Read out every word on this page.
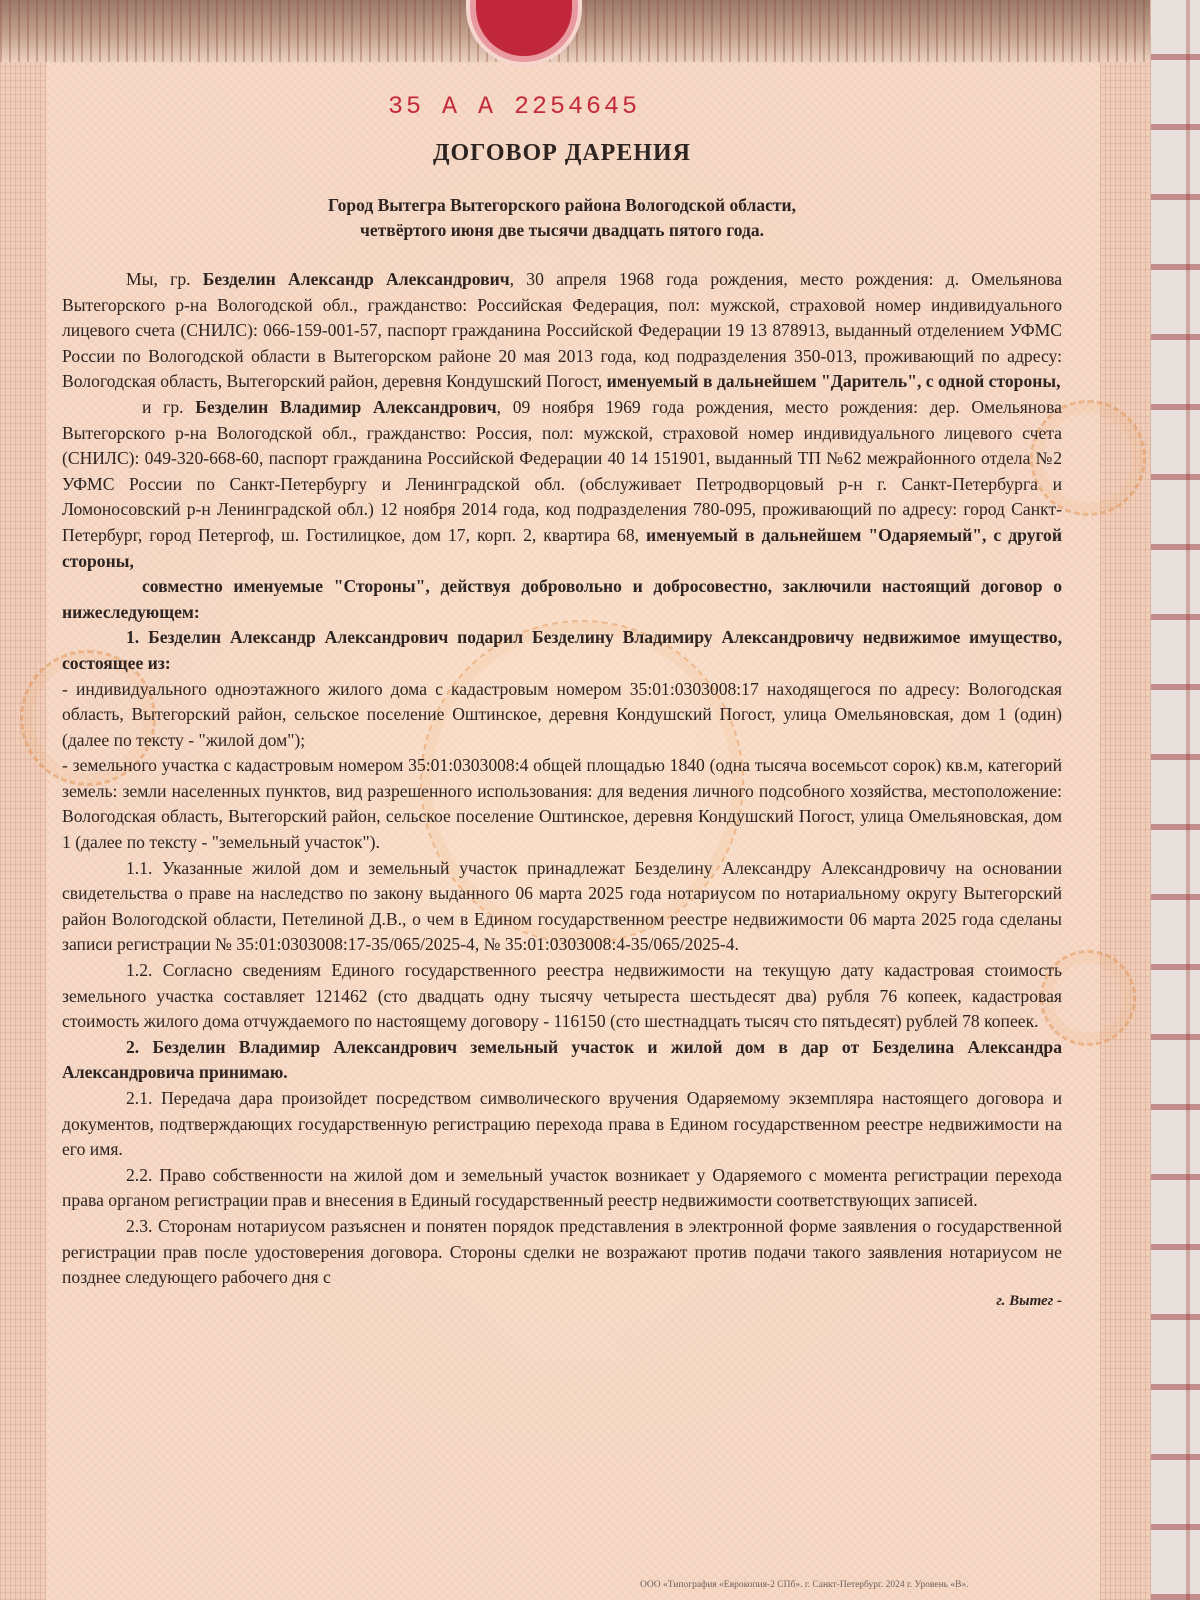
35 А А 2254645
ДОГОВОР ДАРЕНИЯ
Город Вытегра Вытегорского района Вологодской области,
четвёртого июня две тысячи двадцать пятого года.

Мы, гр. Безделин Александр Александрович, 30 апреля 1968 года рождения, место рождения: д. Омельянова Вытегорского р-на Вологодской обл., гражданство: Российская Федерация, пол: мужской, страховой номер индивидуального лицевого счета (СНИЛС): 066-159-001-57, паспорт гражданина Российской Федерации 19 13 878913, выданный отделением УФМС России по Вологодской области в Вытегорском районе 20 мая 2013 года, код подразделения 350-013, проживающий по адресу: Вологодская область, Вытегорский район, деревня Кондушский Погост, именуемый в дальнейшем "Даритель", с одной стороны,

и гр. Безделин Владимир Александрович, 09 ноября 1969 года рождения, место рождения: дер. Омельянова Вытегорского р-на Вологодской обл., гражданство: Россия, пол: мужской, страховой номер индивидуального лицевого счета (СНИЛС): 049-320-668-60, паспорт гражданина Российской Федерации 40 14 151901, выданный ТП №62 межрайонного отдела №2 УФМС России по Санкт-Петербургу и Ленинградской обл. (обслуживает Петродворцовый р-н г. Санкт-Петербурга и Ломоносовский р-н Ленинградской обл.) 12 ноября 2014 года, код подразделения 780-095, проживающий по адресу: город Санкт-Петербург, город Петергоф, ш. Гостилицкое, дом 17, корп. 2, квартира 68, именуемый в дальнейшем "Одаряемый", с другой стороны,

совместно именуемые "Стороны", действуя добровольно и добросовестно, заключили настоящий договор о нижеследующем:

1. Безделин Александр Александрович подарил Безделину Владимиру Александровичу недвижимое имущество, состоящее из:

- индивидуального одноэтажного жилого дома с кадастровым номером 35:01:0303008:17 находящегося по адресу: Вологодская область, Вытегорский район, сельское поселение Оштинское, деревня Кондушский Погост, улица Омельяновская, дом 1 (один) (далее по тексту - "жилой дом");

- земельного участка с кадастровым номером 35:01:0303008:4 общей площадью 1840 (одна тысяча восемьсот сорок) кв.м, категорий земель: земли населенных пунктов, вид разрешенного использования: для ведения личного подсобного хозяйства, местоположение: Вологодская область, Вытегорский район, сельское поселение Оштинское, деревня Кондушский Погост, улица Омельяновская, дом 1 (далее по тексту - "земельный участок").

1.1. Указанные жилой дом и земельный участок принадлежат Безделину Александру Александровичу на основании свидетельства о праве на наследство по закону выданного 06 марта 2025 года нотариусом по нотариальному округу Вытегорский район Вологодской области, Петелиной Д.В., о чем в Едином государственном реестре недвижимости 06 марта 2025 года сделаны записи регистрации № 35:01:0303008:17-35/065/2025-4, № 35:01:0303008:4-35/065/2025-4.

1.2. Согласно сведениям Единого государственного реестра недвижимости на текущую дату кадастровая стоимость земельного участка составляет 121462 (сто двадцать одну тысячу четыреста шестьдесят два) рубля 76 копеек, кадастровая стоимость жилого дома отчуждаемого по настоящему договору - 116150 (сто шестнадцать тысяч сто пятьдесят) рублей 78 копеек.

2. Безделин Владимир Александрович земельный участок и жилой дом в дар от Безделина Александра Александровича принимаю.

2.1. Передача дара произойдет посредством символического вручения Одаряемому экземпляра настоящего договора и документов, подтверждающих государственную регистрацию перехода права в Едином государственном реестре недвижимости на его имя.

2.2. Право собственности на жилой дом и земельный участок возникает у Одаряемого с момента регистрации перехода права органом регистрации прав и внесения в Единый государственный реестр недвижимости соответствующих записей.

2.3. Сторонам нотариусом разъяснен и понятен порядок представления в электронной форме заявления о государственной регистрации прав после удостоверения договора. Стороны сделки не возражают против подачи такого заявления нотариусом не позднее следующего рабочего дня с

г. Вытег -
ООО «Типография «Еврокопия-2 СПб». г. Санкт-Петербург. 2024 г. Уровень «В».
